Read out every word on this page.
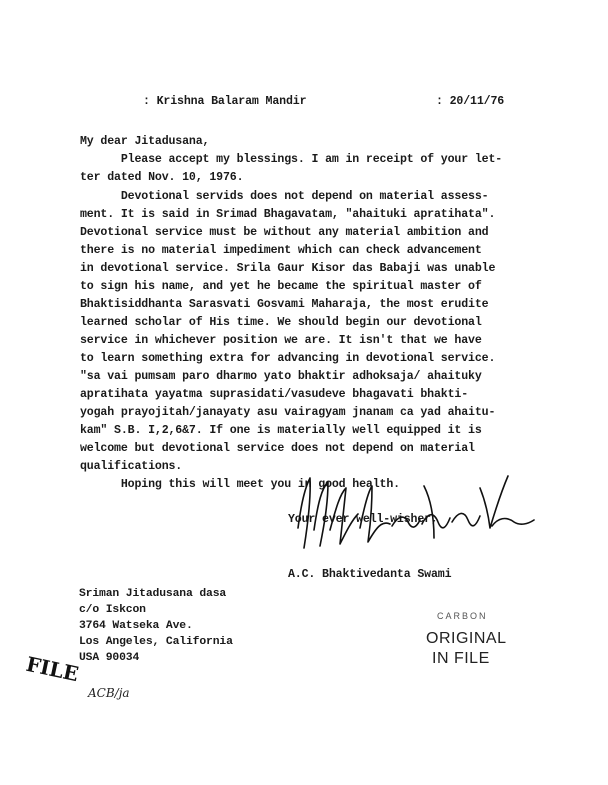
: Krishna Balaram Mandir	: 20/11/76
My dear Jitadusana,
Please accept my blessings. I am in receipt of your let-
ter dated Nov. 10, 1976.
Devotional servids does not depend on material assess-
ment. It is said in Srimad Bhagavatam, "ahaituki apratihata".
Devotional service must be without any material ambition and
there is no material impediment which can check advancement
in devotional service. Srila Gaur Kisor das Babaji was unable
to sign his name, and yet he became the spiritual master of
Bhaktisiddhanta Sarasvati Gosvami Maharaja, the most erudite
learned scholar of His time. We should begin our devotional
service in whichever position we are. It isn't that we have
to learn something extra for advancing in devotional service.
"sa vai pumsam paro dharmo yato bhaktir adhoksaja/ ahaituky
apratihata yayatma suprasidati/vasudeve bhagavati bhakti-
yogah prayojitah/janayaty asu vairagyam jnanam ca yad ahaitu-
kam" S.B. I,2,6&7. If one is materially well equipped it is
welcome but devotional service does not depend on material
qualifications.
Hoping this will meet you in good health.
Your ever well-wisher,
A.C. Bhaktivedanta Swami
Sriman Jitadusana dasa
c/o Iskcon
3764 Watseka Ave.
Los Angeles, California
USA 90034
CARBON
ORIGINAL
IN FILE
FILE
ACB/ja
